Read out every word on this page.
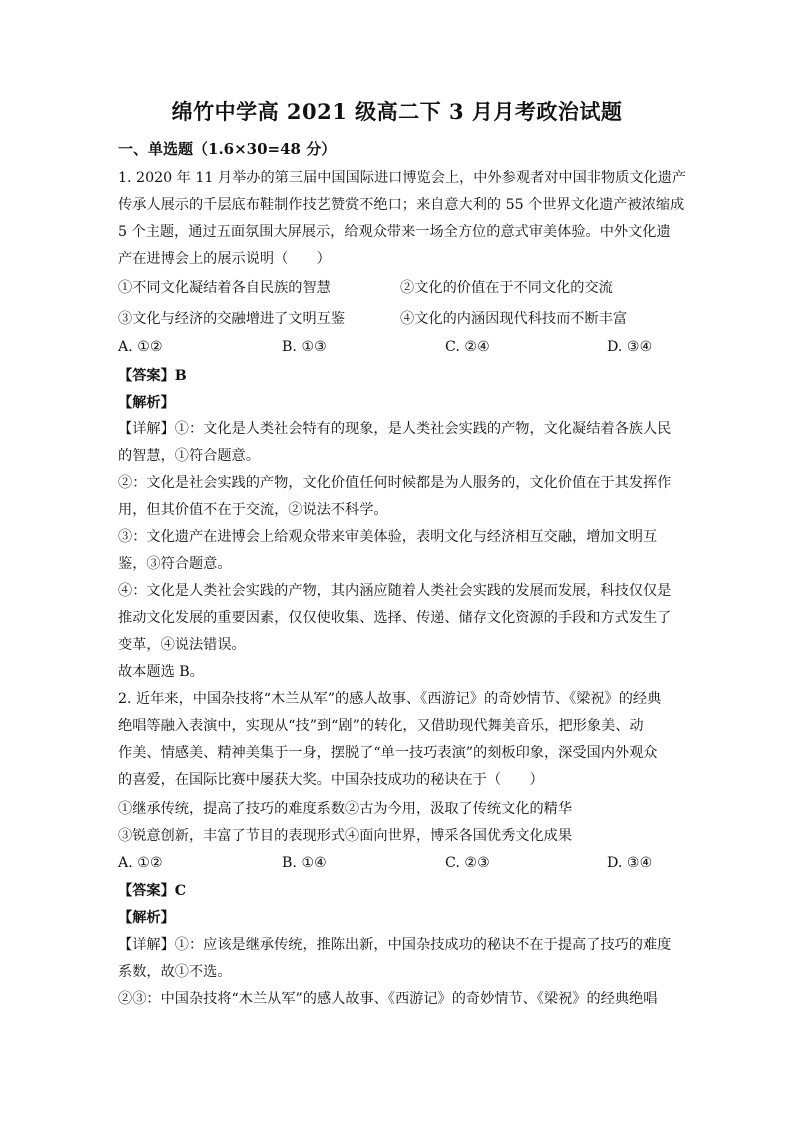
绵竹中学高 2021 级高二下 3 月月考政治试题
一、单选题（1.6×30=48 分）
1. 2020 年 11 月举办的第三届中国国际进口博览会上，中外参观者对中国非物质文化遗产
传承人展示的千层底布鞋制作技艺赞赏不绝口；来自意大利的 55 个世界文化遗产被浓缩成
5 个主题，通过五面氛围大屏展示，给观众带来一场全方位的意式审美体验。中外文化遗
产在进博会上的展示说明（　　）
①不同文化凝结着各自民族的智慧	②文化的价值在于不同文化的交流
③文化与经济的交融增进了文明互鉴	④文化的内涵因现代科技而不断丰富
A. ①②	B. ①③	C. ②④	D. ③④
【答案】B
【解析】
【详解】①：文化是人类社会特有的现象，是人类社会实践的产物，文化凝结着各族人民
的智慧，①符合题意。
②：文化是社会实践的产物，文化价值任何时候都是为人服务的，文化价值在于其发挥作
用，但其价值不在于交流，②说法不科学。
③：文化遗产在进博会上给观众带来审美体验，表明文化与经济相互交融，增加文明互
鉴，③符合题意。
④：文化是人类社会实践的产物，其内涵应随着人类社会实践的发展而发展，科技仅仅是
推动文化发展的重要因素，仅仅使收集、选择、传递、储存文化资源的手段和方式发生了
变革，④说法错误。
故本题选 B。
2. 近年来，中国杂技将“木兰从军”的感人故事、《西游记》的奇妙情节、《梁祝》的经典
绝唱等融入表演中，实现从“技”到“剧”的转化，又借助现代舞美音乐，把形象美、动
作美、情感美、精神美集于一身，摆脱了“单一技巧表演”的刻板印象，深受国内外观众
的喜爱，在国际比赛中屡获大奖。中国杂技成功的秘诀在于（　　）
①继承传统，提高了技巧的难度系数②古为今用，汲取了传统文化的精华
③锐意创新，丰富了节目的表现形式④面向世界，博采各国优秀文化成果
A. ①②	B. ①④	C. ②③	D. ③④
【答案】C
【解析】
【详解】①：应该是继承传统，推陈出新，中国杂技成功的秘诀不在于提高了技巧的难度
系数，故①不选。
②③：中国杂技将“木兰从军”的感人故事、《西游记》的奇妙情节、《梁祝》的经典绝唱
